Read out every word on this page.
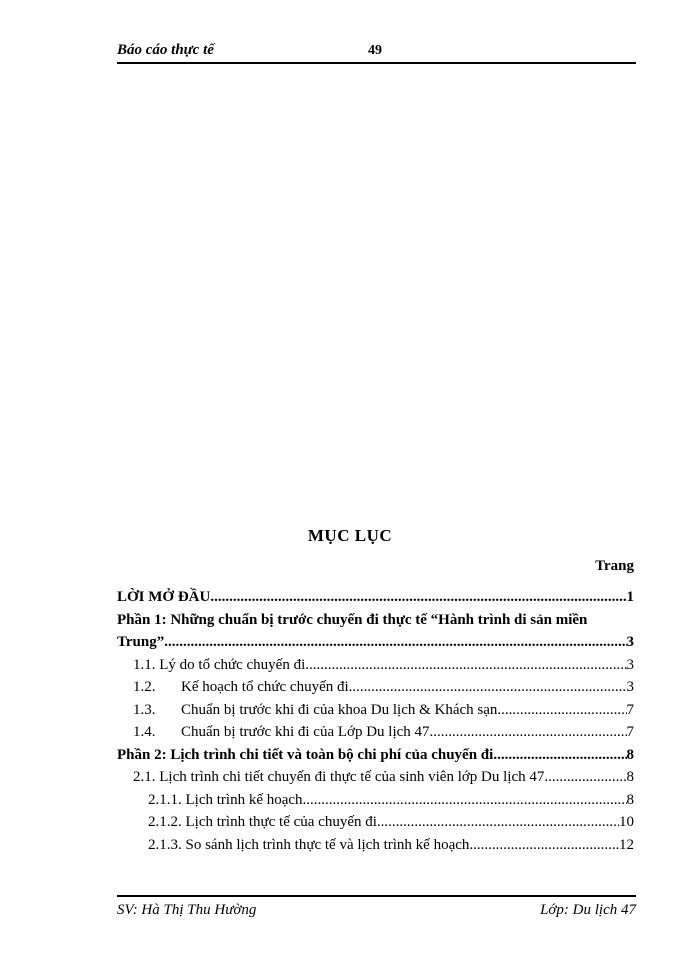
Báo cáo thực tế	49
MỤC LỤC
Trang
LỜI MỞ ĐẦU .....	1
Phần 1: Những chuẩn bị trước chuyến đi thực tế “Hành trình di sản miền
Trung” .....	3
1.1. Lý do tổ chức chuyến đi .....	3
1.2. Kế hoạch tổ chức chuyến đi .....	3
1.3. Chuẩn bị trước khi đi của khoa Du lịch & Khách sạn .....	7
1.4. Chuẩn bị trước khi đi của Lớp Du lịch 47 .....	7
Phần 2: Lịch trình chi tiết và toàn bộ chi phí của chuyến đi .....	8
2.1. Lịch trình chi tiết chuyến đi thực tế của sinh viên lớp Du lịch 47 .....	8
2.1.1. Lịch trình kế hoạch .....	8
2.1.2. Lịch trình thực tế của chuyến đi .....	10
2.1.3. So sánh lịch trình thực tế và lịch trình kế hoạch .....	12
SV: Hà Thị Thu Hường	Lớp: Du lịch 47
